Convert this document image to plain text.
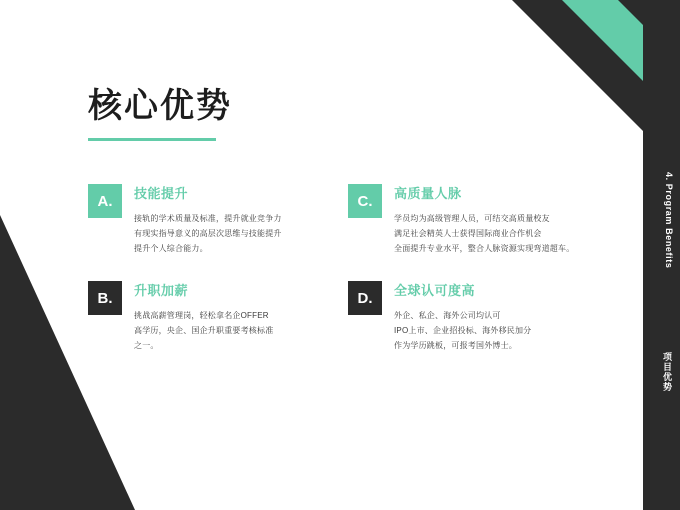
4. Program Benefits
项目优势
核心优势
A.	技能提升
接轨的学术质量及标准，提升就业竞争力
有现实指导意义的高层次思维与技能提升
提升个人综合能力。
C.	高质量人脉
学员均为高级管理人员，可结交高质量校友
满足社会精英人士获得国际商业合作机会
全面提升专业水平，整合人脉资源实现弯道超车。
B.	升职加薪
挑战高薪管理岗，轻松拿名企OFFER
高学历，央企、国企升职重要考核标准
之一。
D.	全球认可度高
外企、私企、海外公司均认可
IPO上市、企业招投标、海外移民加分
作为学历跳板，可报考国外博士。
